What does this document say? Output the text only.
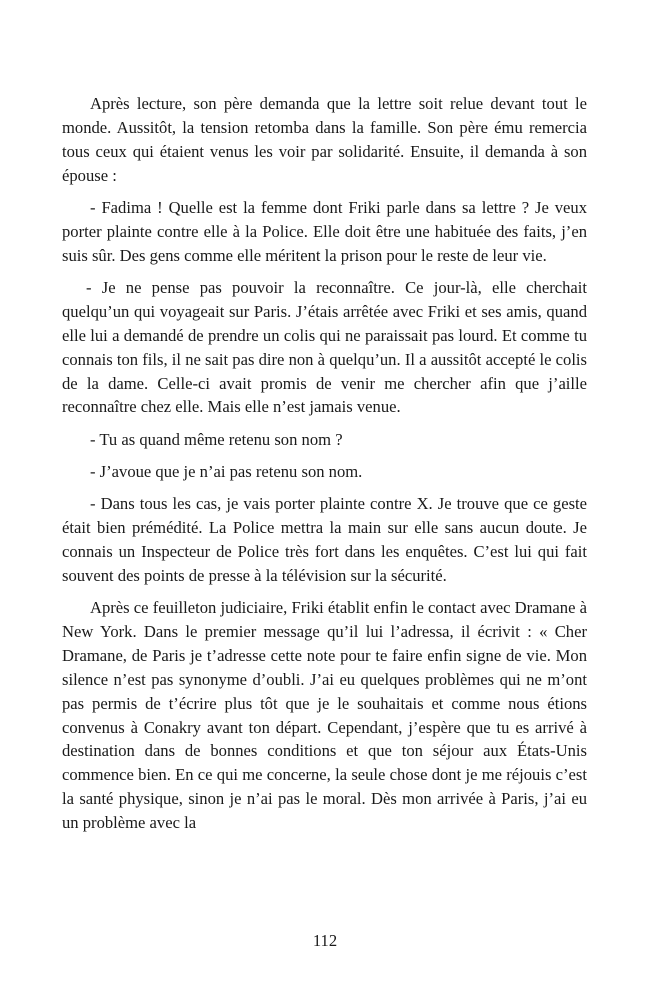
Après lecture, son père demanda que la lettre soit relue devant tout le monde. Aussitôt, la tension retomba dans la famille. Son père ému remercia tous ceux qui étaient venus les voir par solidarité. Ensuite, il demanda à son épouse :

- Fadima ! Quelle est la femme dont Friki parle dans sa lettre ? Je veux porter plainte contre elle à la Police. Elle doit être une habituée des faits, j’en suis sûr. Des gens comme elle méritent la prison pour le reste de leur vie.

- Je ne pense pas pouvoir la reconnaître. Ce jour-là, elle cherchait quelqu’un qui voyageait sur Paris. J’étais arrêtée avec Friki et ses amis, quand elle lui a demandé de prendre un colis qui ne paraissait pas lourd. Et comme tu connais ton fils, il ne sait pas dire non à quelqu’un. Il a aussitôt accepté le colis de la dame. Celle-ci avait promis de venir me chercher afin que j’aille reconnaître chez elle. Mais elle n’est jamais venue.

- Tu as quand même retenu son nom ?

- J’avoue que je n’ai pas retenu son nom.

- Dans tous les cas, je vais porter plainte contre X. Je trouve que ce geste était bien prémédité. La Police mettra la main sur elle sans aucun doute. Je connais un Inspecteur de Police très fort dans les enquêtes. C’est lui qui fait souvent des points de presse à la télévision sur la sécurité.

Après ce feuilleton judiciaire, Friki établit enfin le contact avec Dramane à New York. Dans le premier message qu’il lui l’adressa, il écrivit : « Cher Dramane, de Paris je t’adresse cette note pour te faire enfin signe de vie. Mon silence n’est pas synonyme d’oubli. J’ai eu quelques problèmes qui ne m’ont pas permis de t’écrire plus tôt que je le souhaitais et comme nous étions convenus à Conakry avant ton départ. Cependant, j’espère que tu es arrivé à destination dans de bonnes conditions et que ton séjour aux États-Unis commence bien. En ce qui me concerne, la seule chose dont je me réjouis c’est la santé physique, sinon je n’ai pas le moral. Dès mon arrivée à Paris, j’ai eu un problème avec la

112
